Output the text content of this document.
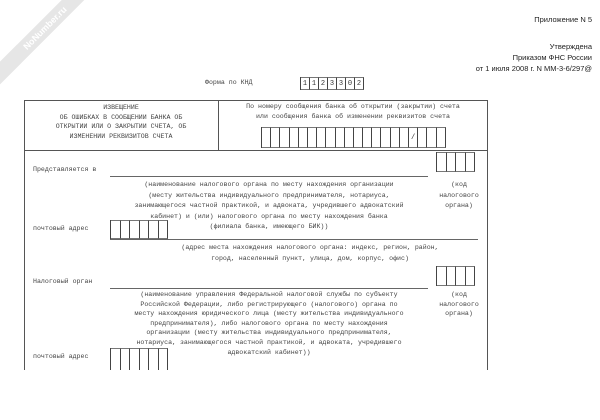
NoNumber.ru	Приложение N 5
Утверждена
Приказом ФНС России
от 1 июля 2008 г. N ММ-3-6/297@
Форма по КНД	1 1 2 3 3 0 2
ИЗВЕЩЕНИЕ
ОБ ОШИБКАХ В СООБЩЕНИИ БАНКА ОБ
ОТКРЫТИИ ИЛИ О ЗАКРЫТИИ СЧЕТА, ОБ
ИЗМЕНЕНИИ РЕКВИЗИТОВ СЧЕТА
По номеру сообщения банка об открытии (закрытии) счета
или сообщения банка об изменении реквизитов счета
/
Представляется в
(наименование налогового органа по месту нахождения организации
(месту жительства индивидуального предпринимателя, нотариуса,
занимающегося частной практикой, и адвоката, учредившего адвокатский
кабинет) и (или) налогового органа по месту нахождения банка
(филиала банка, имеющего БИК))
(код
налогового
органа)
почтовый адрес
(адрес места нахождения налогового органа: индекс, регион, район,
город, населенный пункт, улица, дом, корпус, офис)
Налоговый орган
(наименование управления Федеральной налоговой службы по субъекту
Российской Федерации, либо регистрирующего (налогового) органа по
месту нахождения юридического лица (месту жительства индивидуального
предпринимателя), либо налогового органа по месту нахождения
организации (месту жительства индивидуального предпринимателя,
нотариуса, занимающегося частной практикой, и адвоката, учредившего
адвокатский кабинет))
(код
налогового
органа)
почтовый адрес
